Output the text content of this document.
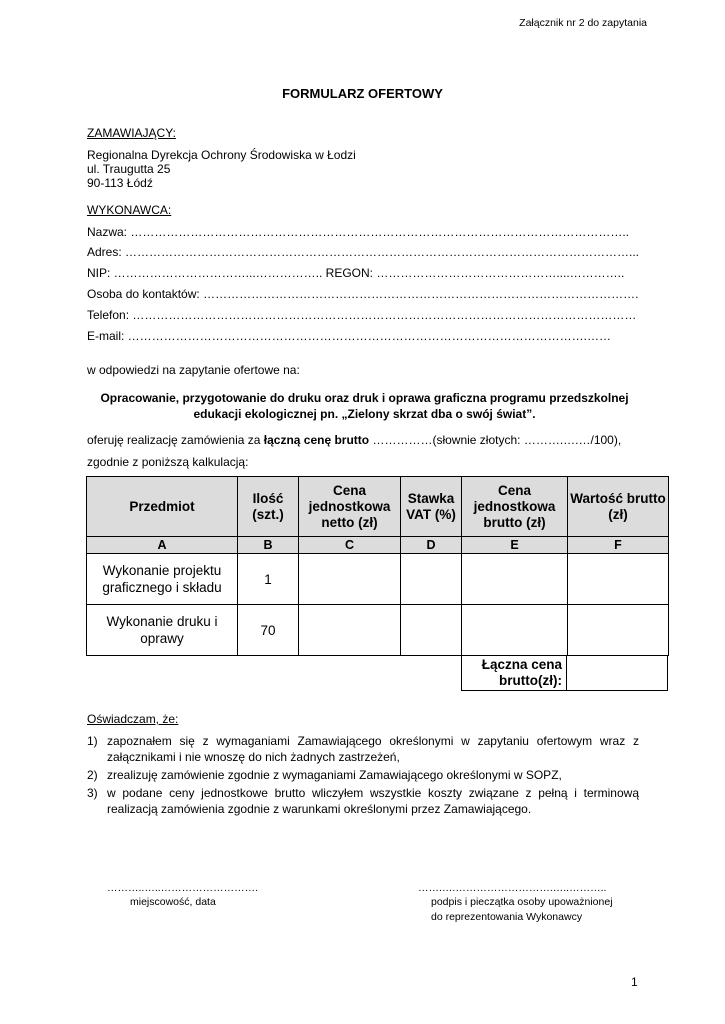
Załącznik nr 2 do zapytania
FORMULARZ OFERTOWY
ZAMAWIAJĄCY:
Regionalna Dyrekcja Ochrony Środowiska w Łodzi
ul. Traugutta 25
90-113 Łódź
WYKONAWCA:
Nazwa: ……………………………………………………………………………………………………………..
Adres: ………………………………………………………………………………………………………………...
NIP: ……………………………...…………….. REGON: ………………………………………....…………..
Osoba do kontaktów: ……………………………………………………………………………………………….
Telefon: ………………………………………………………………………………………………………………
E-mail: …………………………………………………………………………………………………….……
w odpowiedzi na zapytanie ofertowe na:
Opracowanie, przygotowanie do druku oraz druk i oprawa graficzna programu przedszkolnej edukacji ekologicznej pn. „Zielony skrzat dba o swój świat”.
oferuję realizację zamówienia za łączną cenę brutto ……………(słownie złotych: ……….….…/100),
zgodnie z poniższą kalkulacją:
Przedmiot	Ilość (szt.)	Cena jednostkowa netto (zł)	Stawka VAT (%)	Cena jednostkowa brutto (zł)	Wartość brutto (zł)
A	B	C	D	E	F
Wykonanie projektu graficznego i składu	1				
Wykonanie druku i oprawy	70				
Łączna cena brutto(zł):
Oświadczam, że:
1) zapoznałem się z wymaganiami Zamawiającego określonymi w zapytaniu ofertowym wraz z załącznikami i nie wnoszę do nich żadnych zastrzeżeń,
2) zrealizuję zamówienie zgodnie z wymaganiami Zamawiającego określonymi w SOPZ,
3) w podane ceny jednostkowe brutto wliczyłem wszystkie koszty związane z pełną i terminową realizacją zamówienia zgodnie z warunkami określonymi przez Zamawiającego.
………..…..……………………….
miejscowość, data
…….….……………………….…..………..
podpis i pieczątka osoby upoważnionej
do reprezentowania Wykonawcy
1
